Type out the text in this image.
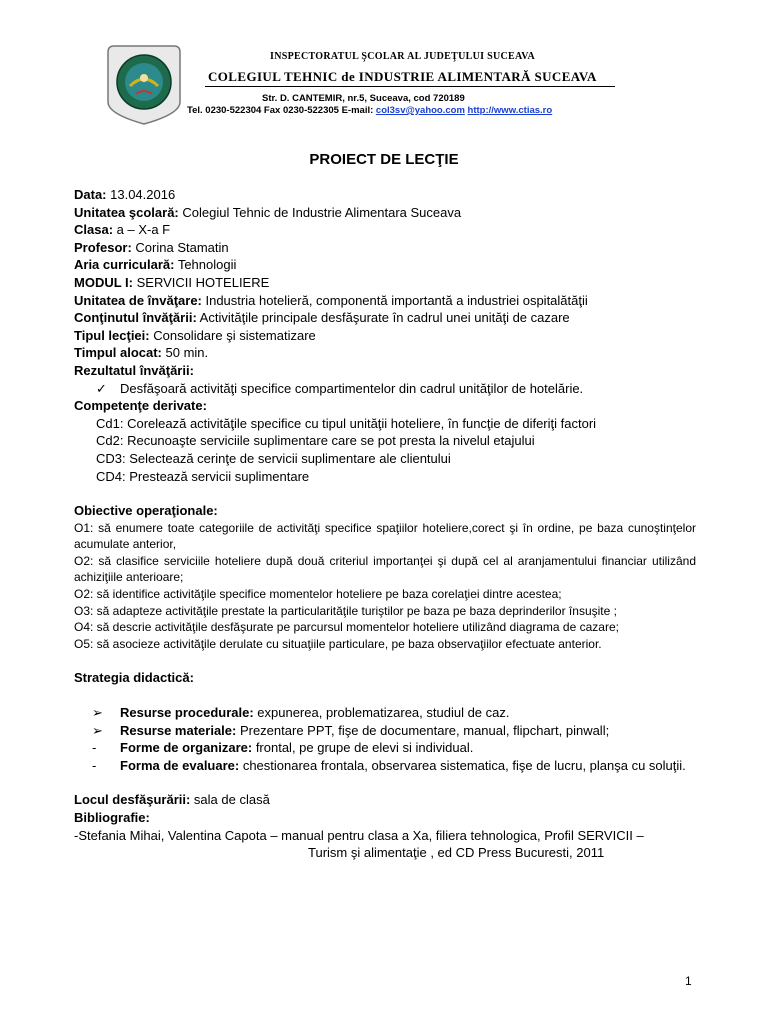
INSPECTORATUL ŞCOLAR AL JUDEŢULUI SUCEAVA
COLEGIUL TEHNIC de INDUSTRIE ALIMENTARĂ SUCEAVA
Str. D. CANTEMIR, nr.5, Suceava, cod 720189
Tel. 0230-522304 Fax 0230-522305 E-mail: col3sv@yahoo.com http://www.ctias.ro
PROIECT DE LECŢIE
Data: 13.04.2016
Unitatea şcolară: Colegiul Tehnic de Industrie Alimentara Suceava
Clasa: a – X-a F
Profesor: Corina Stamatin
Aria curriculară: Tehnologii
MODUL I: SERVICII HOTELIERE
Unitatea de învăţare: Industria hotelieră, componentă importantă a industriei ospitalătăţii
Conţinutul învăţării: Activităţile principale desfăşurate în cadrul unei unităţi de cazare
Tipul lecţiei: Consolidare şi sistematizare
Timpul alocat: 50 min.
Rezultatul învăţării:
✓ Desfăşoară activităţi specifice compartimentelor din cadrul unităţilor de hotelărie.
Competenţe derivate:
Cd1: Corelează activităţile specifice cu tipul unităţii hoteliere, în funcţie de diferiţi factori
Cd2: Recunoaşte serviciile suplimentare care se pot presta la nivelul etajului
CD3: Selectează cerinţe de servicii suplimentare ale clientului
CD4: Prestează servicii suplimentare
Obiective operaţionale:
O1: să enumere toate categoriile de activităţi specifice spaţiilor hoteliere,corect şi în ordine, pe baza cunoştinţelor acumulate anterior,
O2: să clasifice serviciile hoteliere după două criteriul importanţei şi după cel al aranjamentului financiar utilizând achiziţiile anterioare;
O2: să identifice activităţile specifice momentelor hoteliere pe baza corelaţiei dintre acestea;
O3: să adapteze activităţile prestate la particularităţile turiştilor pe baza pe baza deprinderilor însuşite ;
O4: să descrie activităţile desfăşurate pe parcursul momentelor hoteliere utilizând diagrama de cazare;
O5: să asocieze activităţile derulate cu situaţiile particulare, pe baza observaţiilor efectuate anterior.
Strategia didactică:
➢ Resurse procedurale: expunerea, problematizarea, studiul de caz.
➢ Resurse materiale: Prezentare PPT, fişe de documentare, manual, flipchart, pinwall;
- Forme de organizare: frontal, pe grupe de elevi si individual.
- Forma de evaluare: chestionarea frontala, observarea sistematica, fişe de lucru, planşa cu soluţii.
Locul desfăşurării: sala de clasă
Bibliografie:
-Stefania Mihai, Valentina Capota – manual pentru clasa a Xa, filiera tehnologica, Profil SERVICII –
Turism şi alimentaţie , ed CD Press Bucuresti, 2011
1
